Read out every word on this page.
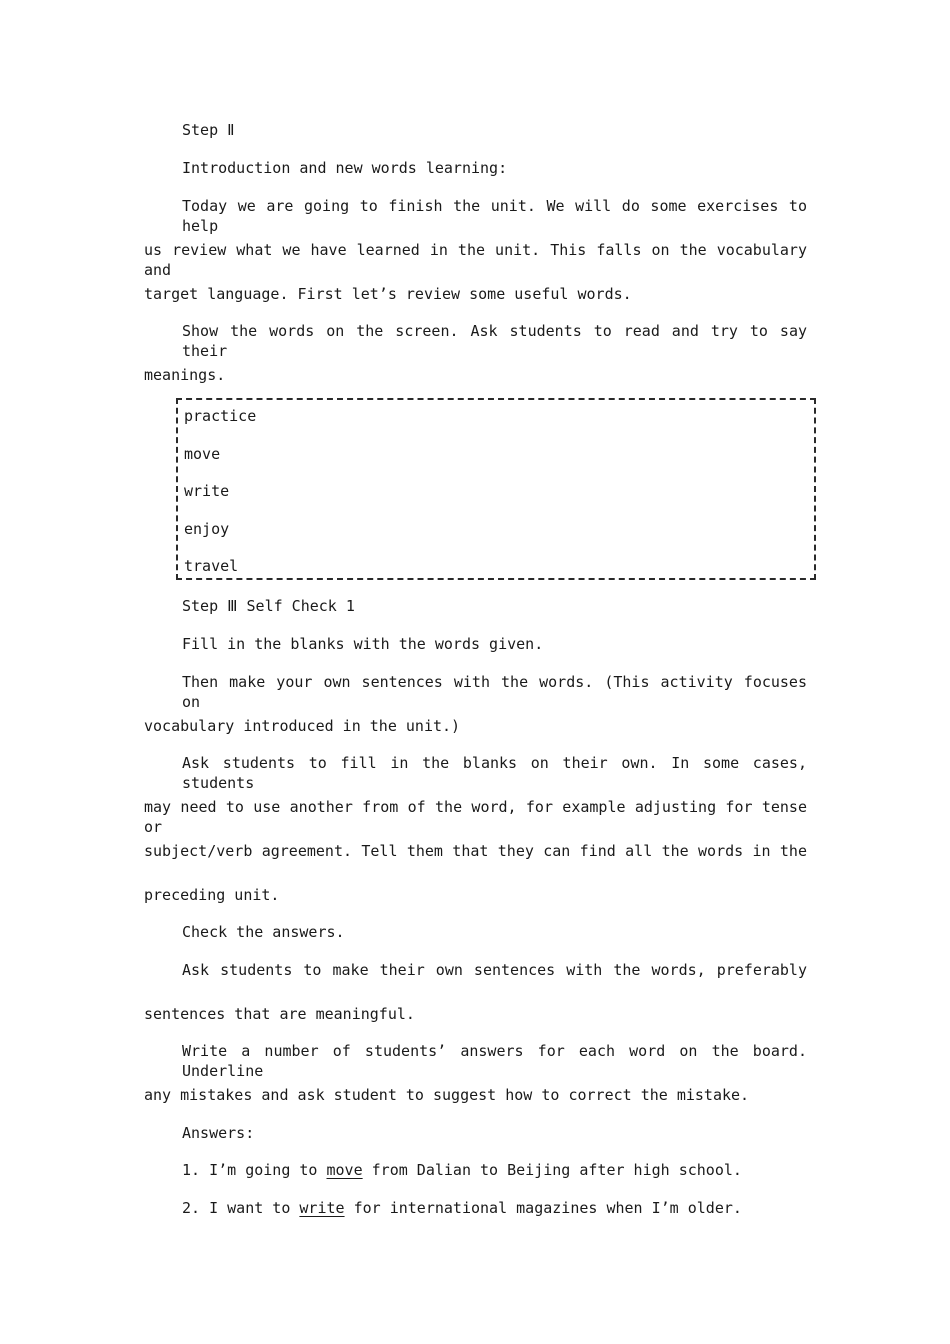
Step Ⅱ
Introduction and new words learning:
Today we are going to finish the unit. We will do some exercises to help
us review what we have learned in the unit. This falls on the vocabulary and
target language. First let’s review some useful words.
Show the words on the screen. Ask students to read and try to say their
meanings.
practice
move
write
enjoy
travel
Step Ⅲ Self Check 1
Fill in the blanks with the words given.
Then make your own sentences with the words. (This activity focuses on
vocabulary introduced in the unit.)
Ask students to fill in the blanks on their own. In some cases, students
may need to use another from of the word, for example adjusting for tense or
subject/verb agreement. Tell them that they can find all the words in the
preceding unit.
Check the answers.
Ask students to make their own sentences with the words, preferably
sentences that are meaningful.
Write a number of students’ answers for each word on the board. Underline
any mistakes and ask student to suggest how to correct the mistake.
Answers:
1. I’m going to move from Dalian to Beijing after high school.
2. I want to write for international magazines when I’m older.
